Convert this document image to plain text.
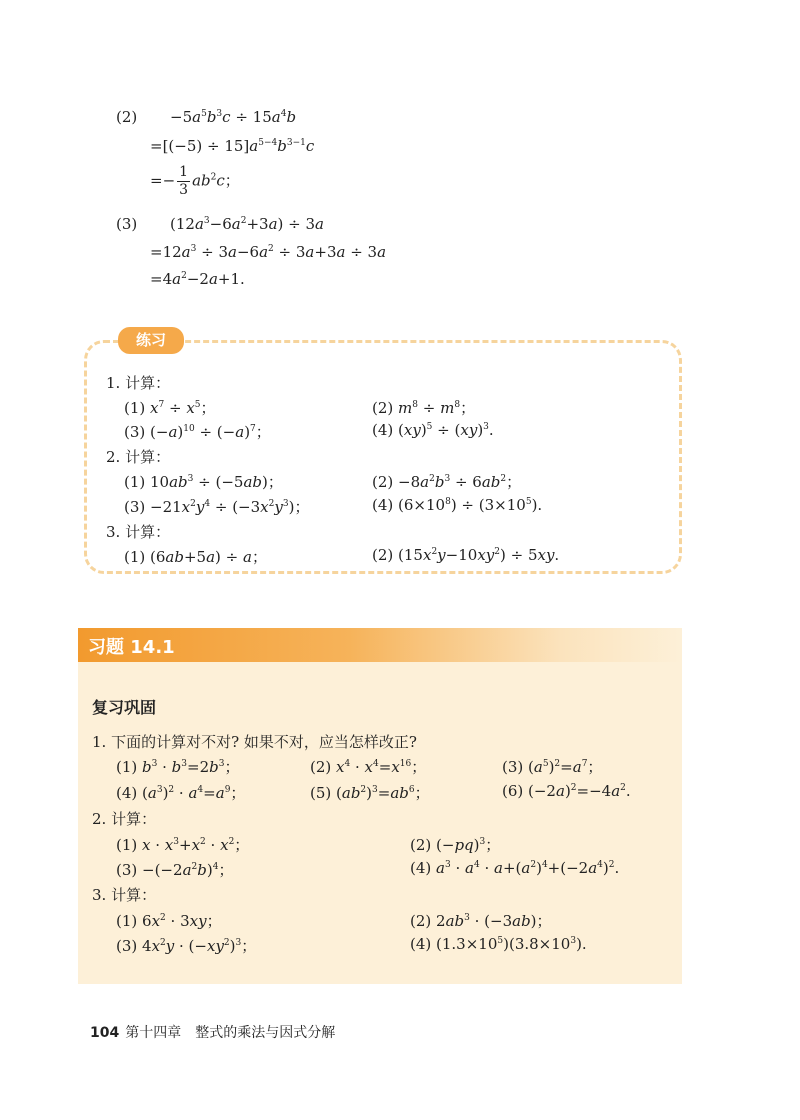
$(2) -5a^5b^3c \div 15a^4b$
$=[(-5) \div 15]a^{5-4}b^{3-1}c$
=− $\frac{1}{3} ab^2c$；
(3) $(12a^3-6a^2+3a) \div 3a$
$=12a^3 \div 3a-6a^2 \div 3a+3a \div 3a$
$=4a^2-2a+1$.
练习
1. 计算：
(1) $x^7 \div x^5$；	(2) $m^8 \div m^8$；
(3) $(-a)^{10} \div (-a)^7$；	(4) (xy)$^5$ ÷ (xy)$^3$.
2. 计算：
(1) $10ab^3 \div (-5ab)$；	$(2) -8a^2b^3 \div 6ab^2$；
$(3) -21x^2y^4 \div (-3x^2y^3)$；	(4) $(6\times 10^8) \div (3\times 10^5)$.
3. 计算：
(1) (6ab+5a) ÷ a；	(2) $(15x^2y-10xy^2) \div 5xy$.
习题 14.1
复习巩固
1. 下面的计算对不对? 如果不对，应当怎样改正?
(1) $b^3 \cdot b^3=2b^3$；	(2) $x^4 \cdot x^4=x^{16}$；	(3) $(a^5)^2=a^7$；
(4) $(a^3)^2 \cdot a^4=a^9$；	(5) $(ab^2)^3=ab^6$；	(6) $(-2a)^2=-4a^2$.
2. 计算：
(1) $x \cdot x^3+x^2 \cdot x^2$；	(2) $(-pq)^3$；
$(3) -(-2a^2b)^4$；	(4) $a^3 \cdot a^4 \cdot a+(a^2)^4+(-2a^4)^2$.
3. 计算：
(1) $6x^2 \cdot 3xy$；	(2) $2ab^3 \cdot (-3ab)$；
(3) $4x^2y \cdot (-xy^2)^3$；	(4) $(1.3\times 10^5)(3.8\times 10^3)$.
104 第十四章　整式的乘法与因式分解
